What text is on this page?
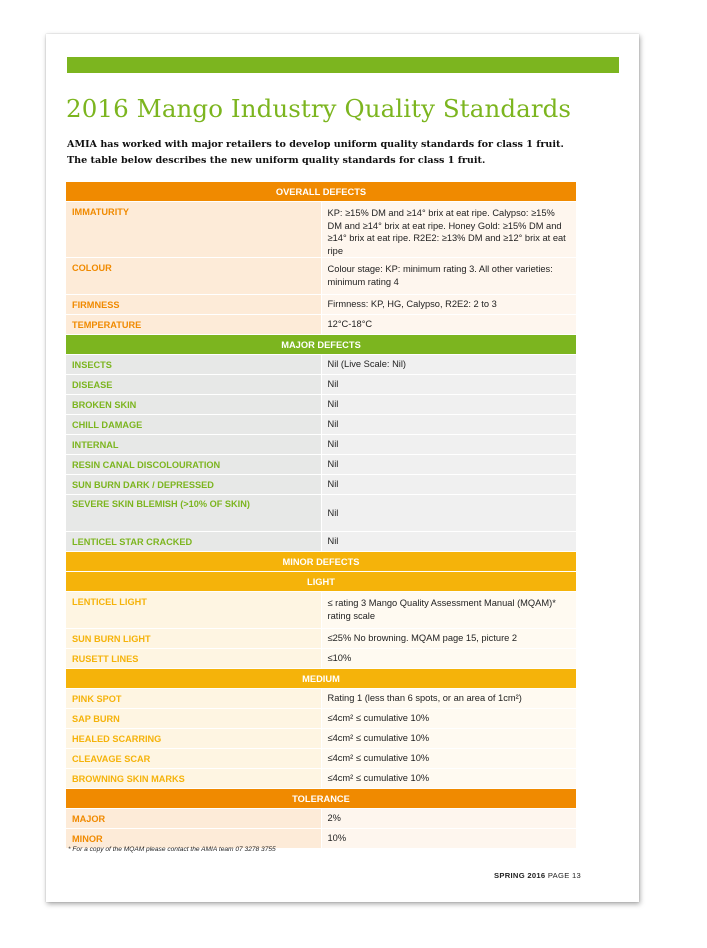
2016 Mango Industry Quality Standards

AMIA has worked with major retailers to develop uniform quality standards for class 1 fruit.

The table below describes the new uniform quality standards for class 1 fruit.

OVERALL DEFECTS	
IMMATURITY	KP: ≥15% DM and ≥14° brix at eat ripe. Calypso: ≥15% DM and ≥14° brix at eat ripe. Honey Gold: ≥15% DM and ≥14° brix at eat ripe. R2E2: ≥13% DM and ≥12° brix at eat ripe
COLOUR	Colour stage: KP: minimum rating 3. All other varieties: minimum rating 4
FIRMNESS	Firmness: KP, HG, Calypso, R2E2: 2 to 3
TEMPERATURE	12°C-18°C
MAJOR DEFECTS	
INSECTS	Nil (Live Scale: Nil)
DISEASE	Nil
BROKEN SKIN	Nil
CHILL DAMAGE	Nil
INTERNAL	Nil
RESIN CANAL DISCOLOURATION	Nil
SUN BURN DARK / DEPRESSED	Nil
SEVERE SKIN BLEMISH (>10% OF SKIN)	Nil
LENTICEL STAR CRACKED	Nil
MINOR DEFECTS	
LIGHT	
LENTICEL LIGHT	≤ rating 3 Mango Quality Assessment Manual (MQAM)* rating scale
SUN BURN LIGHT	≤25% No browning. MQAM page 15, picture 2
RUSETT LINES	≤10%
MEDIUM	
PINK SPOT	Rating 1 (less than 6 spots, or an area of 1cm²)
SAP BURN	≤4cm² ≤ cumulative 10%
HEALED SCARRING	≤4cm² ≤ cumulative 10%
CLEAVAGE SCAR	≤4cm² ≤ cumulative 10%
BROWNING SKIN MARKS	≤4cm² ≤ cumulative 10%
TOLERANCE	
MAJOR	2%
MINOR	10%
* For a copy of the MQAM please contact the AMIA team 07 3278 3755
SPRING 2016 PAGE 13
